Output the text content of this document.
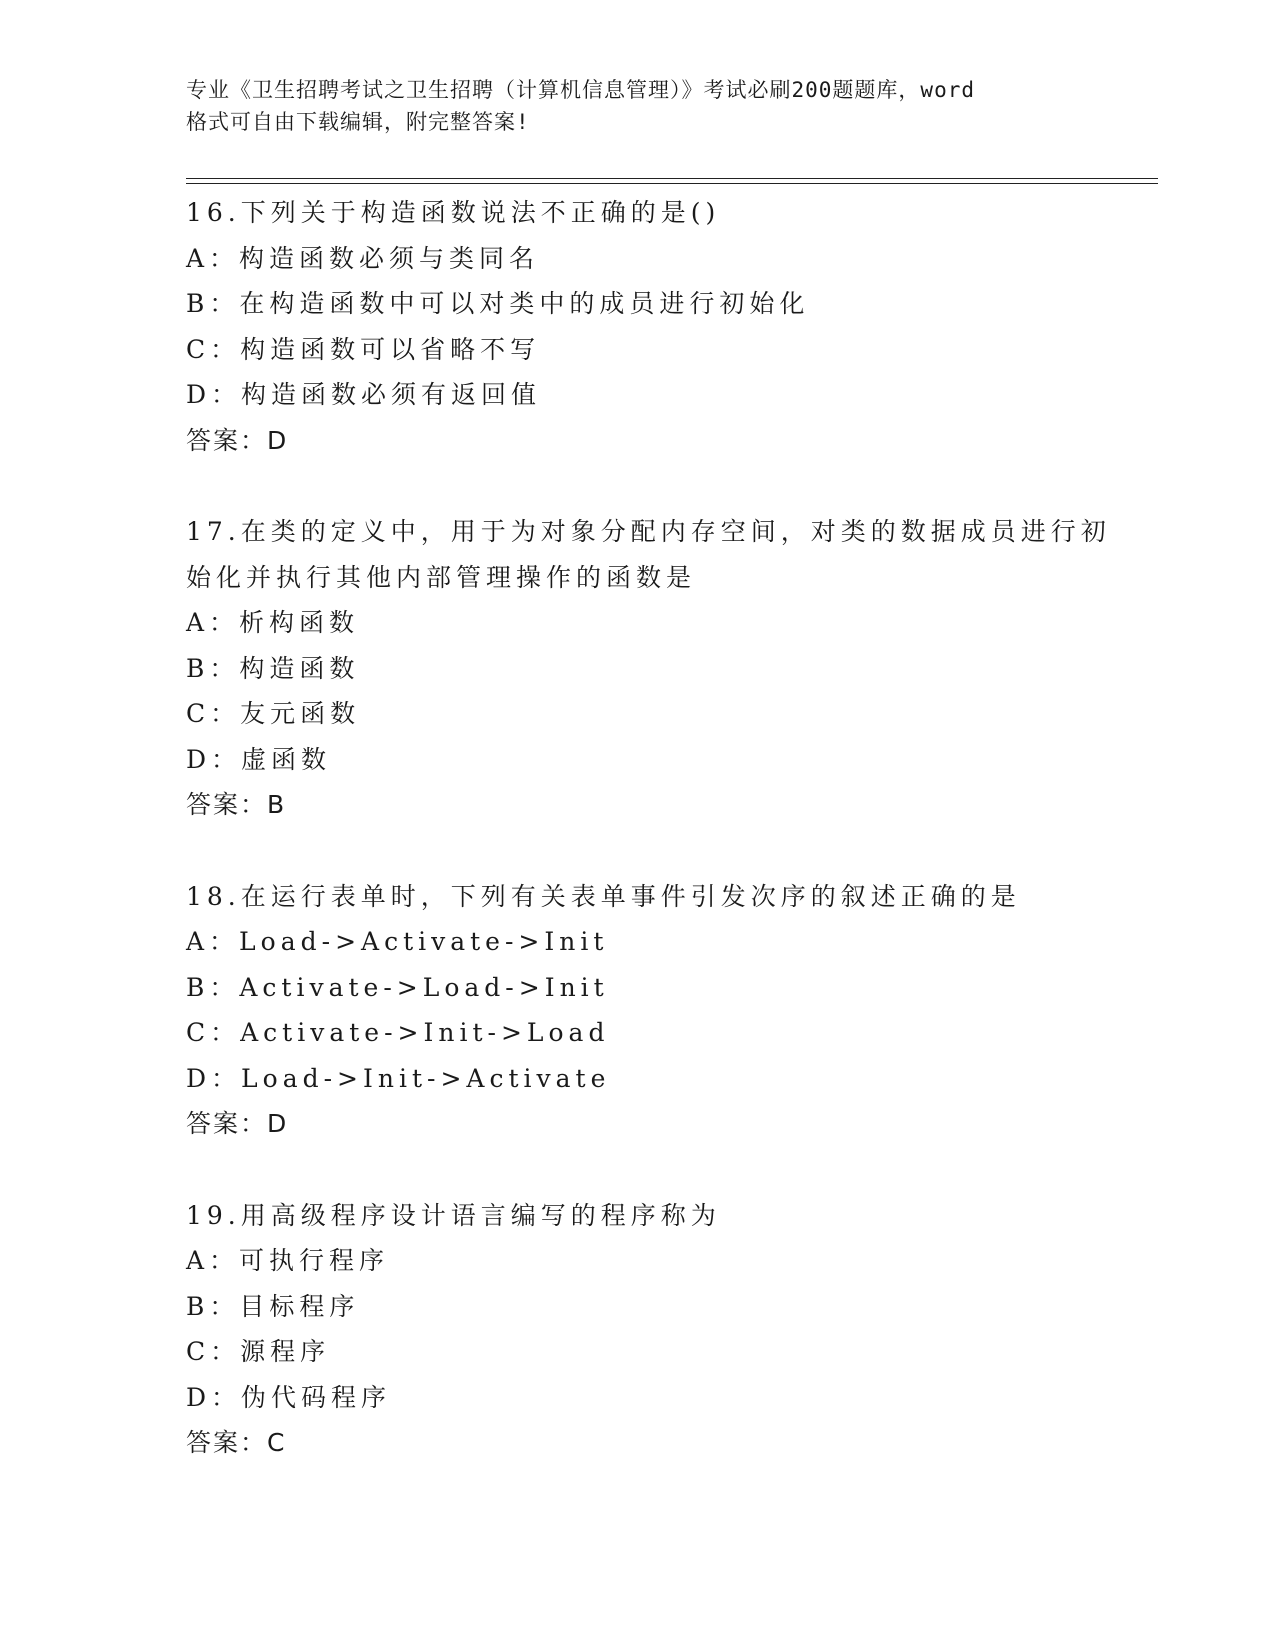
专业《卫生招聘考试之卫生招聘（计算机信息管理）》考试必刷200题题库，word
格式可自由下载编辑，附完整答案!
16.下列关于构造函数说法不正确的是()
A：构造函数必须与类同名
B：在构造函数中可以对类中的成员进行初始化
C：构造函数可以省略不写
D：构造函数必须有返回值
答案：D
17.在类的定义中，用于为对象分配内存空间，对类的数据成员进行初
始化并执行其他内部管理操作的函数是
A：析构函数
B：构造函数
C：友元函数
D：虚函数
答案：B
18.在运行表单时，下列有关表单事件引发次序的叙述正确的是
A：Load->Activate->Init
B：Activate->Load->Init
C：Activate->Init->Load
D：Load->Init->Activate
答案：D
19.用高级程序设计语言编写的程序称为
A：可执行程序
B：目标程序
C：源程序
D：伪代码程序
答案：C
